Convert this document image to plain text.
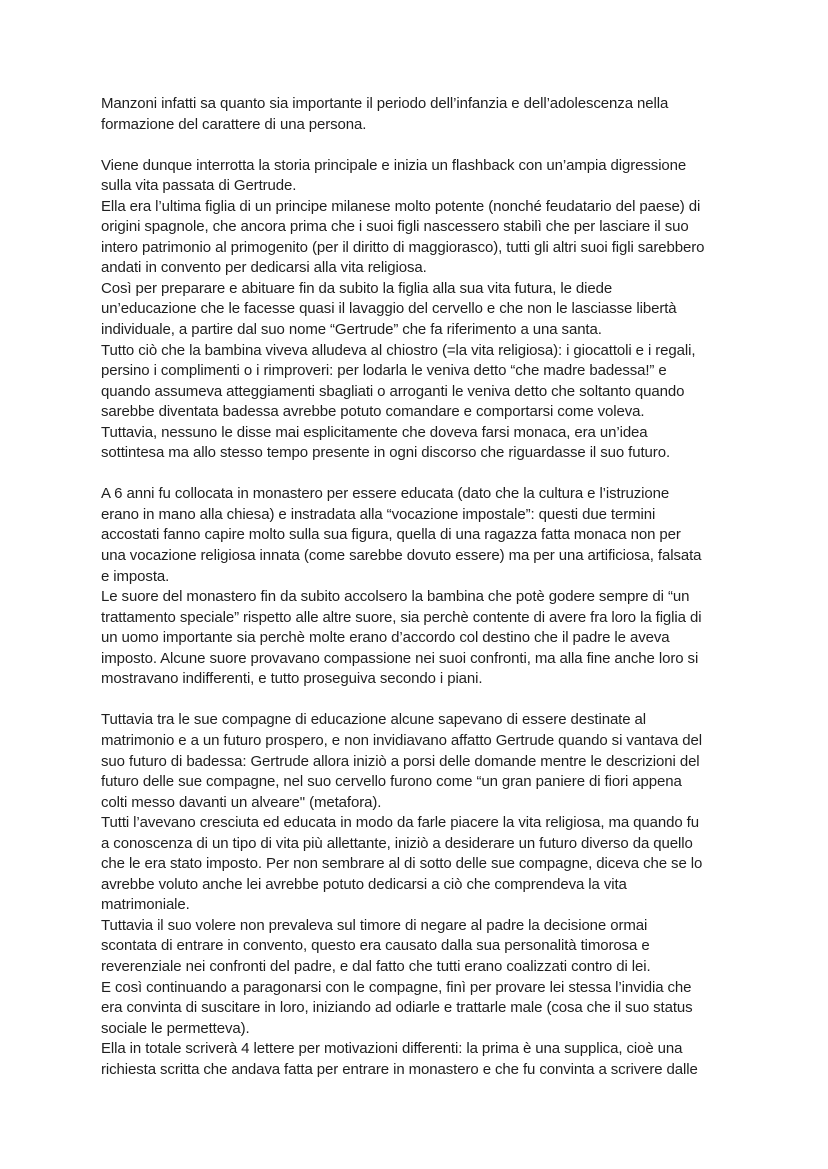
Manzoni infatti sa quanto sia importante il periodo dell’infanzia e dell’adolescenza nella
formazione del carattere di una persona.
Viene dunque interrotta la storia principale e inizia un flashback con un’ampia digressione
sulla vita passata di Gertrude.
Ella era l’ultima figlia di un principe milanese molto potente (nonché feudatario del paese) di
origini spagnole, che ancora prima che i suoi figli nascessero stabilì che per lasciare il suo
intero patrimonio al primogenito (per il diritto di maggiorasco), tutti gli altri suoi figli sarebbero
andati in convento per dedicarsi alla vita religiosa.
Così per preparare e abituare fin da subito la figlia alla sua vita futura, le diede
un’educazione che le facesse quasi il lavaggio del cervello e che non le lasciasse libertà
individuale, a partire dal suo nome “Gertrude” che fa riferimento a una santa.
Tutto ciò che la bambina viveva alludeva al chiostro (=la vita religiosa): i giocattoli e i regali,
persino i complimenti o i rimproveri: per lodarla le veniva detto “che madre badessa!” e
quando assumeva atteggiamenti sbagliati o arroganti le veniva detto che soltanto quando
sarebbe diventata badessa avrebbe potuto comandare e comportarsi come voleva.
Tuttavia, nessuno le disse mai esplicitamente che doveva farsi monaca, era un’idea
sottintesa ma allo stesso tempo presente in ogni discorso che riguardasse il suo futuro.
A 6 anni fu collocata in monastero per essere educata (dato che la cultura e l’istruzione
erano in mano alla chiesa) e instradata alla “vocazione impostale”: questi due termini
accostati fanno capire molto sulla sua figura, quella di una ragazza fatta monaca non per
una vocazione religiosa innata (come sarebbe dovuto essere) ma per una artificiosa, falsata
e imposta.
Le suore del monastero fin da subito accolsero la bambina che potè godere sempre di “un
trattamento speciale” rispetto alle altre suore, sia perchè contente di avere fra loro la figlia di
un uomo importante sia perchè molte erano d’accordo col destino che il padre le aveva
imposto. Alcune suore provavano compassione nei suoi confronti, ma alla fine anche loro si
mostravano indifferenti, e tutto proseguiva secondo i piani.
Tuttavia tra le sue compagne di educazione alcune sapevano di essere destinate al
matrimonio e a un futuro prospero, e non invidiavano affatto Gertrude quando si vantava del
suo futuro di badessa: Gertrude allora iniziò a porsi delle domande mentre le descrizioni del
futuro delle sue compagne, nel suo cervello furono come “un gran paniere di fiori appena
colti messo davanti un alveare" (metafora).
Tutti l’avevano cresciuta ed educata in modo da farle piacere la vita religiosa, ma quando fu
a conoscenza di un tipo di vita più allettante, iniziò a desiderare un futuro diverso da quello
che le era stato imposto. Per non sembrare al di sotto delle sue compagne, diceva che se lo
avrebbe voluto anche lei avrebbe potuto dedicarsi a ciò che comprendeva la vita
matrimoniale.
Tuttavia il suo volere non prevaleva sul timore di negare al padre la decisione ormai
scontata di entrare in convento, questo era causato dalla sua personalità timorosa e
reverenziale nei confronti del padre, e dal fatto che tutti erano coalizzati contro di lei.
E così continuando a paragonarsi con le compagne, finì per provare lei stessa l’invidia che
era convinta di suscitare in loro, iniziando ad odiarle e trattarle male (cosa che il suo status
sociale le permetteva).
Ella in totale scriverà 4 lettere per motivazioni differenti: la prima è una supplica, cioè una
richiesta scritta che andava fatta per entrare in monastero e che fu convinta a scrivere dalle
